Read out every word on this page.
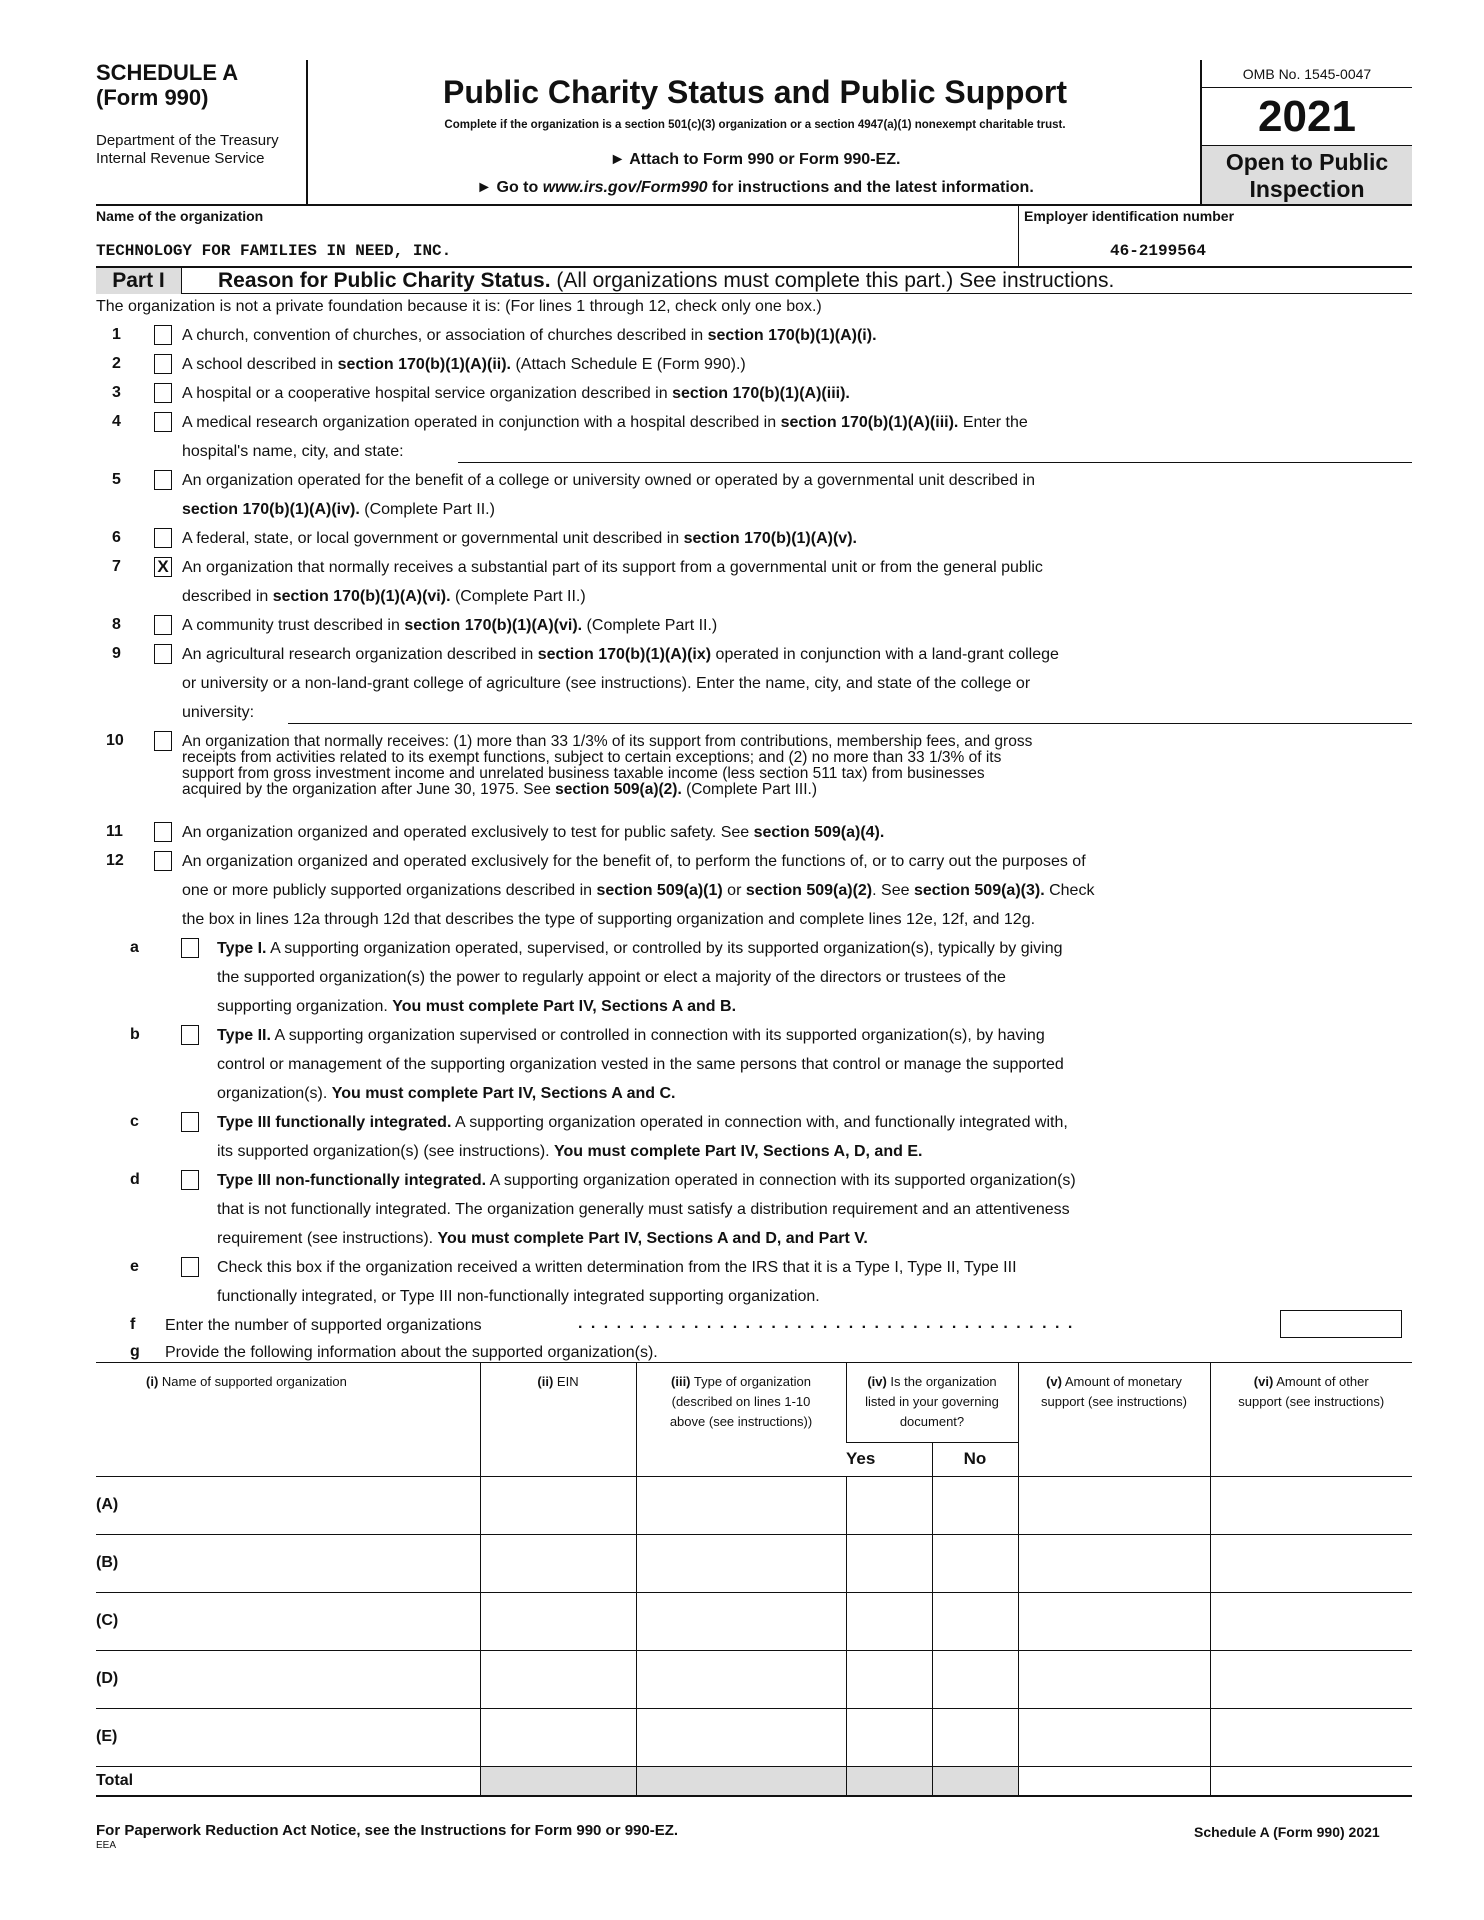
SCHEDULE A
(Form 990)
Department of the Treasury
Internal Revenue Service
Public Charity Status and Public Support
Complete if the organization is a section 501(c)(3) organization or a section 4947(a)(1) nonexempt charitable trust.
► Attach to Form 990 or Form 990-EZ.
► Go to www.irs.gov/Form990 for instructions and the latest information.
OMB No. 1545-0047
2021
Open to Public
Inspection
Name of the organization	Employer identification number
TECHNOLOGY FOR FAMILIES IN NEED, INC.	46-2199564
Part I	Reason for Public Charity Status. (All organizations must complete this part.) See instructions.
The organization is not a private foundation because it is: (For lines 1 through 12, check only one box.)
1	A church, convention of churches, or association of churches described in section 170(b)(1)(A)(i).
2	A school described in section 170(b)(1)(A)(ii). (Attach Schedule E (Form 990).)
3	A hospital or a cooperative hospital service organization described in section 170(b)(1)(A)(iii).
4	A medical research organization operated in conjunction with a hospital described in section 170(b)(1)(A)(iii). Enter the
hospital's name, city, and state:
5	An organization operated for the benefit of a college or university owned or operated by a governmental unit described in
section 170(b)(1)(A)(iv). (Complete Part II.)
6	A federal, state, or local government or governmental unit described in section 170(b)(1)(A)(v).
7 X An organization that normally receives a substantial part of its support from a governmental unit or from the general public
described in section 170(b)(1)(A)(vi). (Complete Part II.)
8	A community trust described in section 170(b)(1)(A)(vi). (Complete Part II.)
9	An agricultural research organization described in section 170(b)(1)(A)(ix) operated in conjunction with a land-grant college
or university or a non-land-grant college of agriculture (see instructions). Enter the name, city, and state of the college or
university:
10	An organization that normally receives: (1) more than 33 1/3% of its support from contributions, membership fees, and gross
receipts from activities related to its exempt functions, subject to certain exceptions; and (2) no more than 33 1/3% of its
support from gross investment income and unrelated business taxable income (less section 511 tax) from businesses
acquired by the organization after June 30, 1975. See section 509(a)(2). (Complete Part III.)
11	An organization organized and operated exclusively to test for public safety. See section 509(a)(4).
12	An organization organized and operated exclusively for the benefit of, to perform the functions of, or to carry out the purposes of
one or more publicly supported organizations described in section 509(a)(1) or section 509(a)(2). See section 509(a)(3). Check
the box in lines 12a through 12d that describes the type of supporting organization and complete lines 12e, 12f, and 12g.
a	Type I. A supporting organization operated, supervised, or controlled by its supported organization(s), typically by giving
the supported organization(s) the power to regularly appoint or elect a majority of the directors or trustees of the
supporting organization. You must complete Part IV, Sections A and B.
b	Type II. A supporting organization supervised or controlled in connection with its supported organization(s), by having
control or management of the supporting organization vested in the same persons that control or manage the supported
organization(s). You must complete Part IV, Sections A and C.
c	Type III functionally integrated. A supporting organization operated in connection with, and functionally integrated with,
its supported organization(s) (see instructions). You must complete Part IV, Sections A, D, and E.
d	Type III non-functionally integrated. A supporting organization operated in connection with its supported organization(s)
that is not functionally integrated. The organization generally must satisfy a distribution requirement and an attentiveness
requirement (see instructions). You must complete Part IV, Sections A and D, and Part V.
e	Check this box if the organization received a written determination from the IRS that it is a Type I, Type II, Type III
functionally integrated, or Type III non-functionally integrated supporting organization.
f Enter the number of supported organizations	. . . . . . . . . . . . . . . . . . . . . . . . . . . . . . . . . . . . . . .
g Provide the following information about the supported organization(s).
(i) Name of supported organization	(ii) EIN	(iii) Type of organization (described on lines 1-10 above (see instructions))	(iv) Is the organization listed in your governing document?		(v) Amount of monetary support (see instructions)	(vi) Amount of other support (see instructions)
			Yes	No		
(A)						
(B)						
(C)						
(D)						
(E)						
Total						
For Paperwork Reduction Act Notice, see the Instructions for Form 990 or 990-EZ.	Schedule A (Form 990) 2021
EEA
